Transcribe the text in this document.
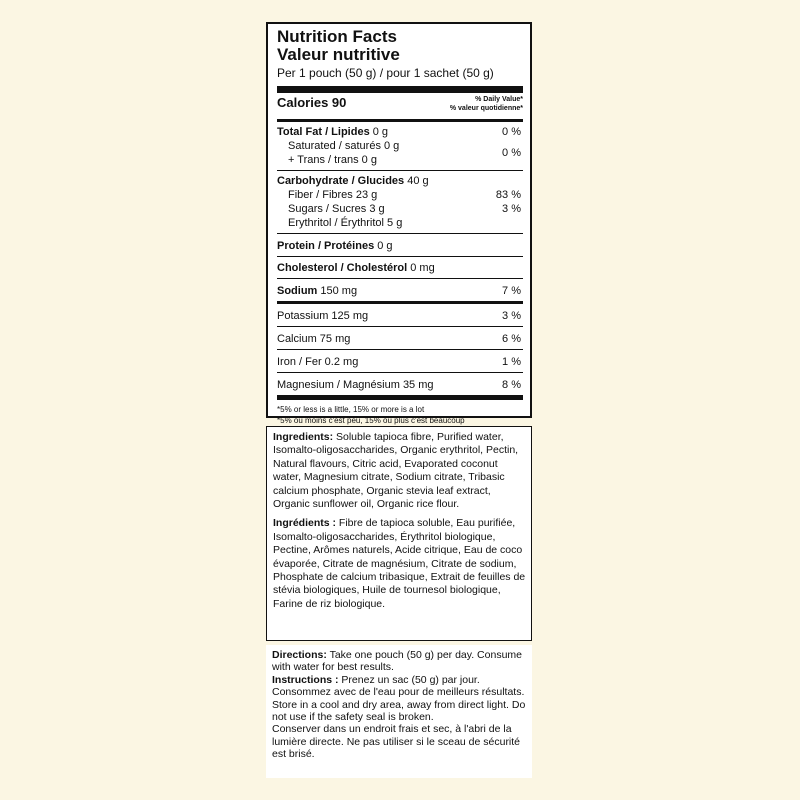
Nutrition Facts
Valeur nutritive
Per 1 pouch (50 g) / pour 1 sachet (50 g)
Calories 90	% Daily Value*
% valeur quotidienne*
Total Fat / Lipides 0 g	0 %
Saturated / saturés 0 g
+ Trans / trans 0 g
0 %
Carbohydrate / Glucides 40 g
Fiber / Fibres 23 g	83 %
Sugars / Sucres 3 g	3 %
Erythritol / Érythritol 5 g
Protein / Protéines 0 g
Cholesterol / Cholestérol 0 mg
Sodium 150 mg	7 %
Potassium 125 mg	3 %
Calcium 75 mg	6 %
Iron / Fer 0.2 mg	1 %
Magnesium / Magnésium 35 mg	8 %
*5% or less is a little, 15% or more is a lot
*5% ou moins c'est peu, 15% ou plus c'est beaucoup

Ingredients: Soluble tapioca fibre, Purified water, Isomalto-oligosaccharides, Organic erythritol, Pectin, Natural flavours, Citric acid, Evaporated coconut water, Magnesium citrate, Sodium citrate, Tribasic calcium phosphate, Organic stevia leaf extract, Organic sunflower oil, Organic rice flour.

Ingrédients : Fibre de tapioca soluble, Eau purifiée, Isomalto-oligosaccharides, Érythritol biologique, Pectine, Arômes naturels, Acide citrique, Eau de coco évaporée, Citrate de magnésium, Citrate de sodium, Phosphate de calcium tribasique, Extrait de feuilles de stévia biologiques, Huile de tournesol biologique, Farine de riz biologique.

Directions: Take one pouch (50 g) per day. Consume with water for best results.

Instructions : Prenez un sac (50 g) par jour. Consommez avec de l'eau pour de meilleurs résultats.

Store in a cool and dry area, away from direct light. Do not use if the safety seal is broken.

Conserver dans un endroit frais et sec, à l'abri de la lumière directe. Ne pas utiliser si le sceau de sécurité est brisé.
